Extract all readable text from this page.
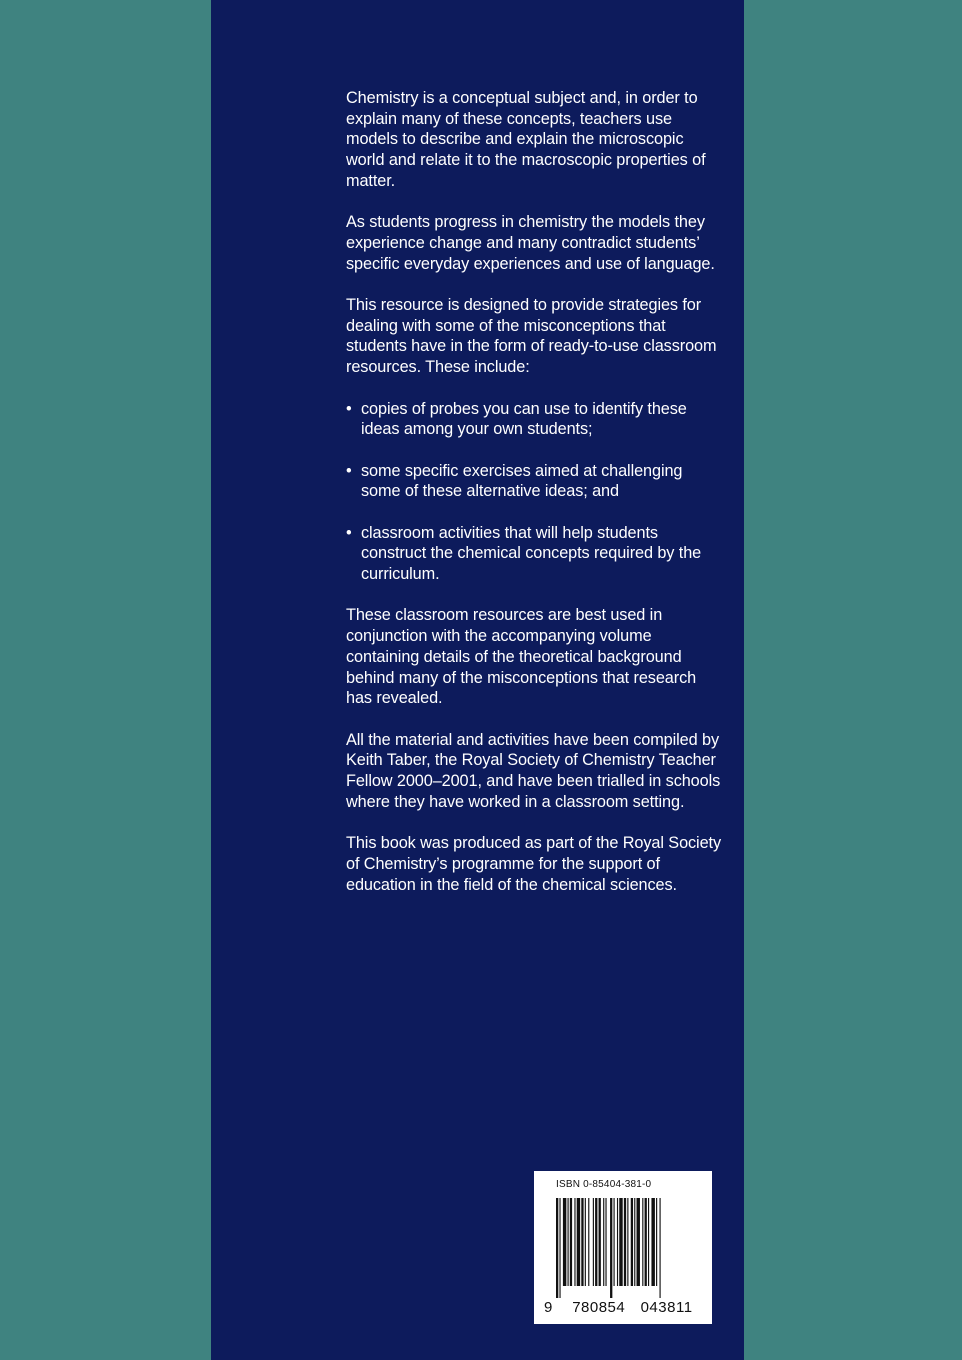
Chemistry is a conceptual subject and, in order to explain many of these concepts, teachers use models to describe and explain the microscopic world and relate it to the macroscopic properties of matter.

As students progress in chemistry the models they experience change and many contradict students’ specific everyday experiences and use of language.

This resource is designed to provide strategies for dealing with some of the misconceptions that students have in the form of ready-to-use classroom resources. These include:

• copies of probes you can use to identify these ideas among your own students;
• some specific exercises aimed at challenging some of these alternative ideas; and
• classroom activities that will help students construct the chemical concepts required by the curriculum.

These classroom resources are best used in conjunction with the accompanying volume containing details of the theoretical background behind many of the misconceptions that research has revealed.

All the material and activities have been compiled by Keith Taber, the Royal Society of Chemistry Teacher Fellow 2000–2001, and have been trialled in schools where they have worked in a classroom setting.

This book was produced as part of the Royal Society of Chemistry’s programme for the support of education in the field of the chemical sciences.

ISBN 0-85404-381-0
9 780854 043811
